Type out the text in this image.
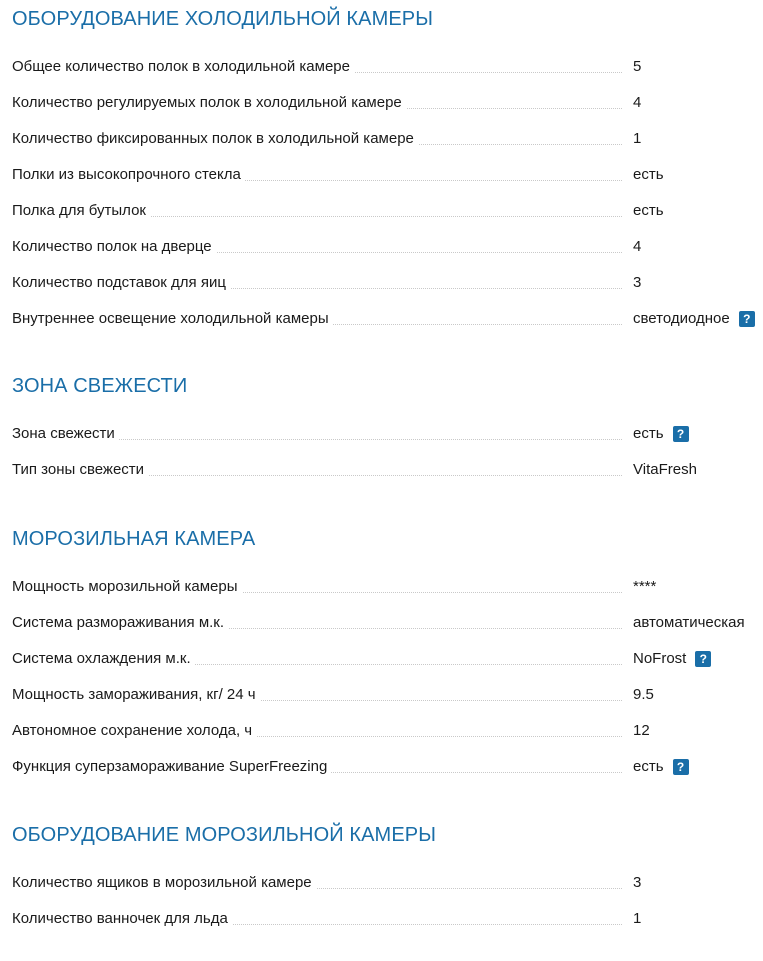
ОБОРУДОВАНИЕ ХОЛОДИЛЬНОЙ КАМЕРЫ
Общее количество полок в холодильной камере	5
Количество регулируемых полок в холодильной камере	4
Количество фиксированных полок в холодильной камере	1
Полки из высокопрочного стекла	есть
Полка для бутылок	есть
Количество полок на дверце	4
Количество подставок для яиц	3
Внутреннее освещение холодильной камеры	светодиодное	?
ЗОНА СВЕЖЕСТИ
Зона свежести	есть	?
Тип зоны свежести	VitaFresh
МОРОЗИЛЬНАЯ КАМЕРА
Мощность морозильной камеры	****
Система размораживания м.к.	автоматическая
Система охлаждения м.к.	NoFrost	?
Мощность замораживания, кг/ 24 ч	9.5
Автономное сохранение холода, ч	12
Функция суперзамораживание SuperFreezing	есть	?
ОБОРУДОВАНИЕ МОРОЗИЛЬНОЙ КАМЕРЫ
Количество ящиков в морозильной камере	3
Количество ванночек для льда	1
